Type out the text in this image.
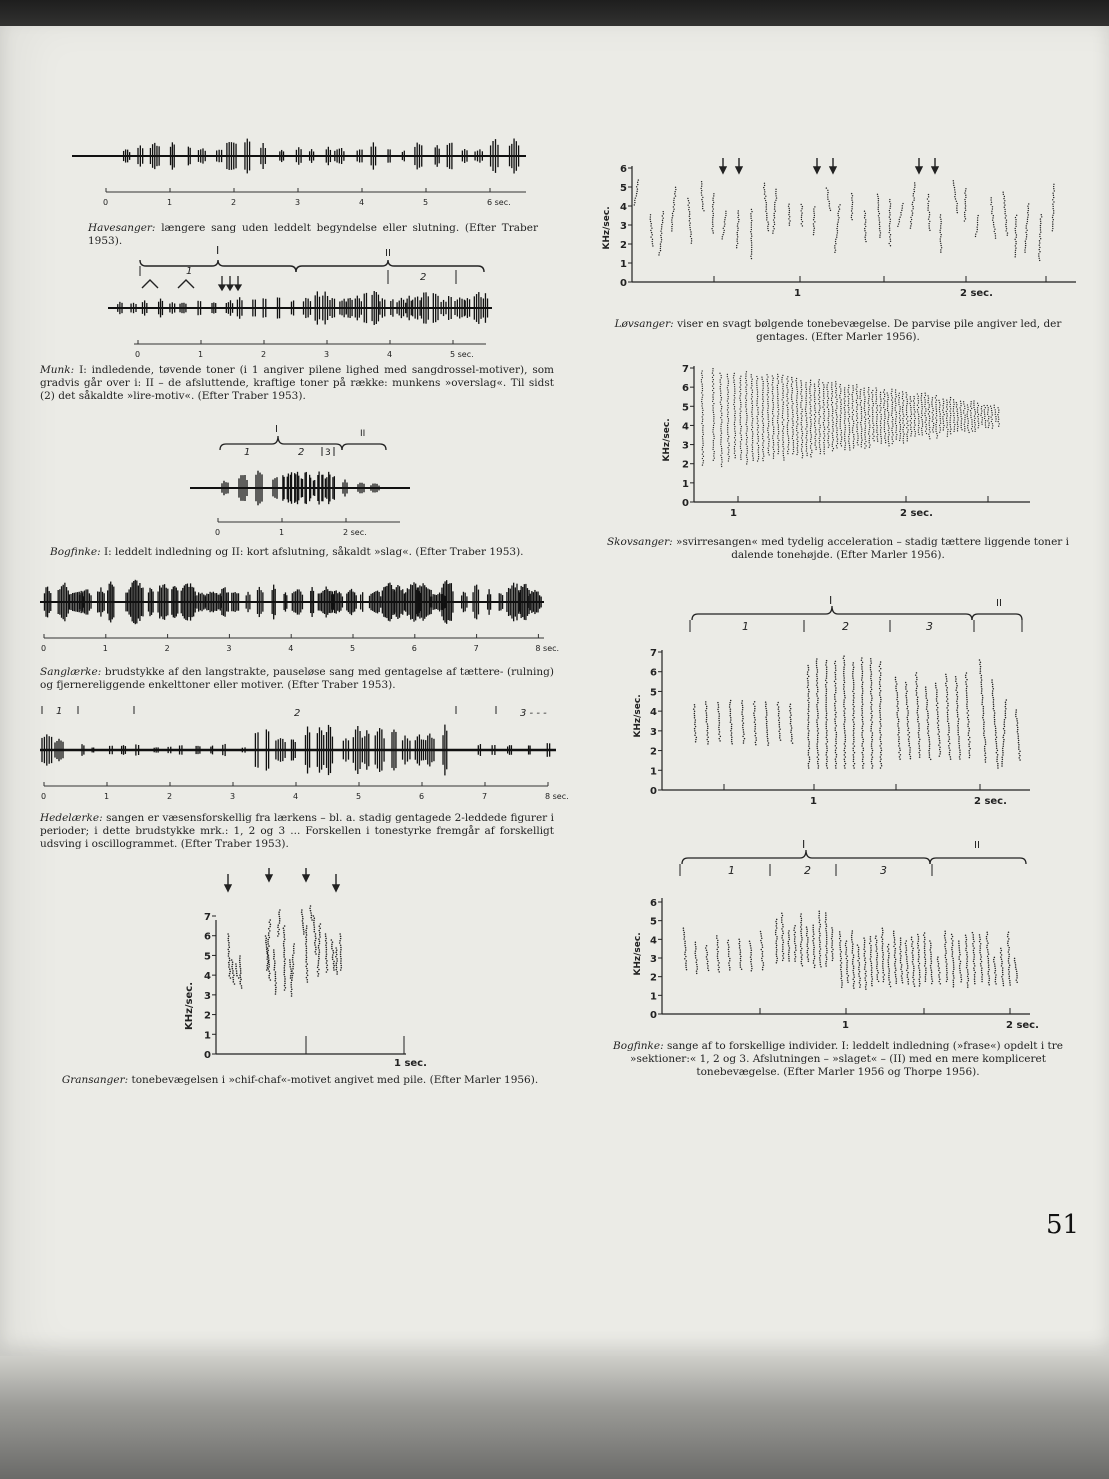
0	1	2	3	4	5	6 sec.
Havesanger: længere sang uden leddelt begyndelse eller slutning. (Efter Traber 1953).
I	II
1
2
0	1	2	3	4	5 sec.
Munk: I: indledende, tøvende toner (i 1 angiver pilene lighed med sangdrossel-motiver), som gradvis går over i: II – de afsluttende, kraftige toner på række: munkens »overslag«. Til sidst (2) det såkaldte »lire-motiv«. (Efter Traber 1953).
I	II
1	2 3
0	1	2 sec.
Bogfinke: I: leddelt indledning og II: kort afslutning, såkaldt »slag«. (Efter Traber 1953).
0	1	2	3	4	5	6	7	8 sec.
Sanglærke: brudstykke af den langstrakte, pauseløse sang med gentagelse af tættere- (rulning) og fjernereliggende enkelttoner eller motiver. (Efter Traber 1953).
1	2	3 - - -
0	1	2	3	4	5	6	7	8 sec.
Hedelærke: sangen er væsensforskellig fra lærkens – bl. a. stadig gentagede 2-leddede figurer i perioder; i dette brudstykke mrk.: 1, 2 og 3 ... Forskellen i tonestyrke fremgår af forskelligt udsving i oscillogrammet. (Efter Traber 1953).
KHz/sec.
0
1
2
3
4
5
6
7
1 sec.
Gransanger: tonebevægelsen i »chif-chaf«-motivet angivet med pile. (Efter Marler 1956).
KHz/sec.
0
1
2
3
4
5
6
1	2 sec.
Løvsanger: viser en svagt bølgende tonebevægelse. De parvise pile angiver led, der gentages. (Efter Marler 1956).
KHz/sec.
0
1
2
3
4
5
6
7
1	2 sec.
Skovsanger: »svirresangen« med tydelig acceleration – stadig tættere liggende toner i dalende tonehøjde. (Efter Marler 1956).
I	II
1	2	3
KHz/sec.
0
1
2
3
4
5
6
7
1	2 sec.
I	II
1	2	3
KHz/sec.
0
1
2
3
4
5
6
1	2 sec.
Bogfinke: sange af to forskellige individer. I: leddelt indledning (»frase«) opdelt i tre »sektioner:« 1, 2 og 3. Afslutningen – »slaget« – (II) med en mere kompliceret tonebevægelse. (Efter Marler 1956 og Thorpe 1956).
51
